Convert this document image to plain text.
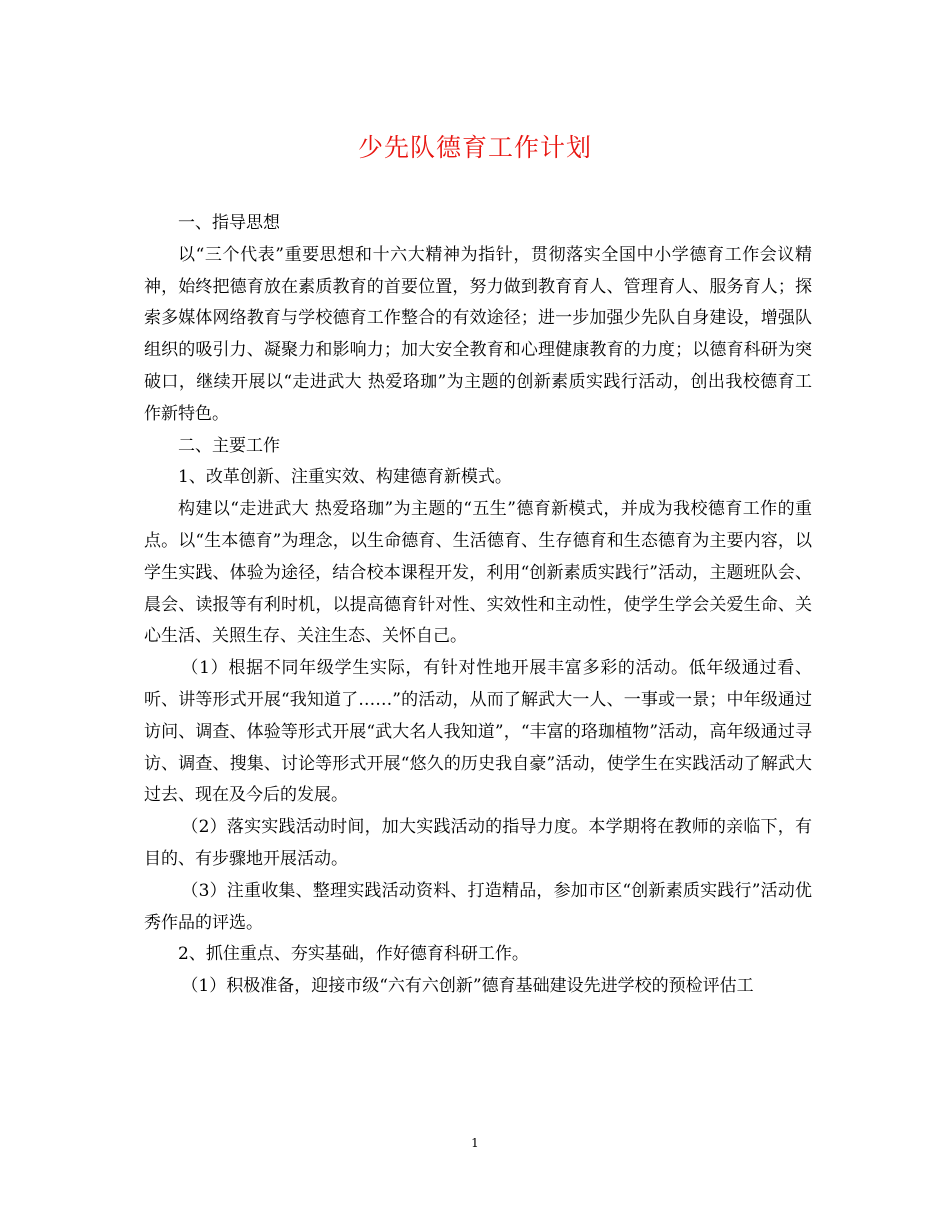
少先队德育工作计划

一、指导思想

以“三个代表”重要思想和十六大精神为指针，贯彻落实全国中小学德育工作会议精神，始终把德育放在素质教育的首要位置，努力做到教育育人、管理育人、服务育人；探索多媒体网络教育与学校德育工作整合的有效途径；进一步加强少先队自身建设，增强队组织的吸引力、凝聚力和影响力；加大安全教育和心理健康教育的力度；以德育科研为突破口，继续开展以“走进武大 热爱珞珈”为主题的创新素质实践行活动，创出我校德育工作新特色。

二、主要工作

1、改革创新、注重实效、构建德育新模式。

构建以“走进武大 热爱珞珈”为主题的“五生”德育新模式，并成为我校德育工作的重点。以“生本德育”为理念，以生命德育、生活德育、生存德育和生态德育为主要内容，以学生实践、体验为途径，结合校本课程开发，利用“创新素质实践行”活动，主题班队会、晨会、读报等有利时机，以提高德育针对性、实效性和主动性，使学生学会关爱生命、关心生活、关照生存、关注生态、关怀自己。

（1）根据不同年级学生实际，有针对性地开展丰富多彩的活动。低年级通过看、听、讲等形式开展“我知道了……”的活动，从而了解武大一人、一事或一景；中年级通过访问、调查、体验等形式开展“武大名人我知道”，“丰富的珞珈植物”活动，高年级通过寻访、调查、搜集、讨论等形式开展“悠久的历史我自豪”活动，使学生在实践活动了解武大过去、现在及今后的发展。

（2）落实实践活动时间，加大实践活动的指导力度。本学期将在教师的亲临下，有目的、有步骤地开展活动。

（3）注重收集、整理实践活动资料、打造精品，参加市区“创新素质实践行”活动优秀作品的评选。

2、抓住重点、夯实基础，作好德育科研工作。

（1）积极准备，迎接市级“六有六创新”德育基础建设先进学校的预检评估工

1
